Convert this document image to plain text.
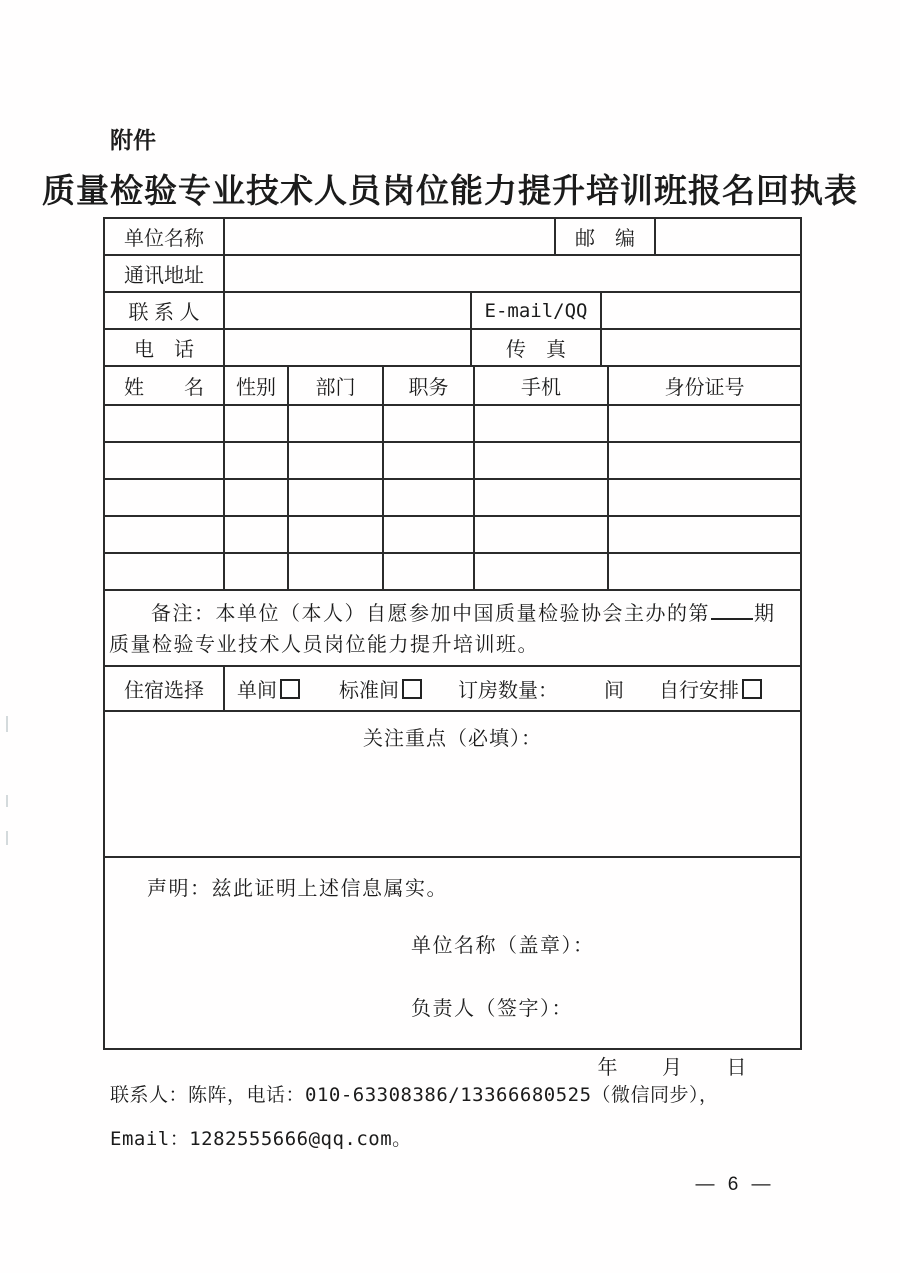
附件
质量检验专业技术人员岗位能力提升培训班报名回执表
单位名称	邮　编
通讯地址
联 系 人	E-mail/QQ
电　话	传　真
姓　　名	性别	部门	职务	手机	身份证号
备注：本单位（本人）自愿参加中国质量检验协会主办的第 期
质量检验专业技术人员岗位能力提升培训班。
住宿选择	单间	标准间	订房数量： 间 自行安排
关注重点（必填）：
声明：兹此证明上述信息属实。
单位名称（盖章）：
负责人（签字）：
年　　月　　日
联系人：陈阵，电话：010-63308386/13366680525（微信同步），
Email：1282555666@qq.com。
— 6 —
